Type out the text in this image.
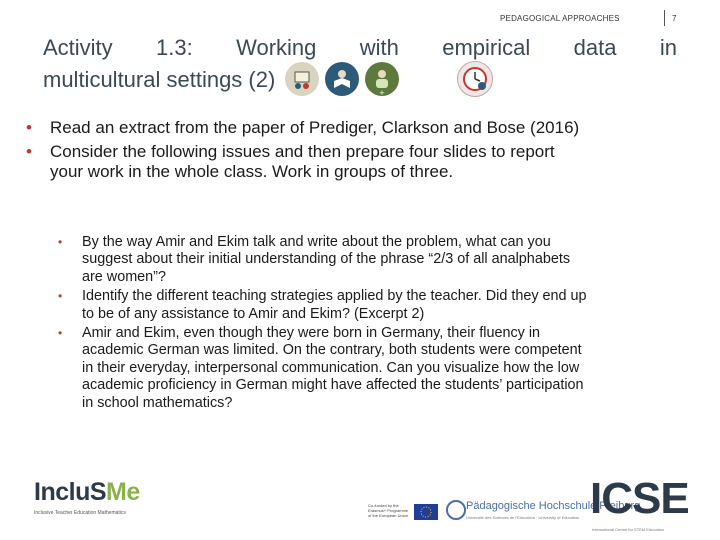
PEDAGOGICAL APPROACHES	7
Activity 1.3: Working with empirical data in
multicultural settings (2)
+
• Read an extract from the paper of Prediger, Clarkson and Bose (2016)
• Consider the following issues and then prepare four slides to report your work in the whole class. Work in groups of three.
• By the way Amir and Ekim talk and write about the problem, what can you suggest about their initial understanding of the phrase “2/3 of all analphabets are women”?
• Identify the different teaching strategies applied by the teacher. Did they end up to be of any assistance to Amir and Ekim? (Excerpt 2)
• Amir and Ekim, even though they were born in Germany, their fluency in academic German was limited. On the contrary, both students were competent in their everyday, interpersonal communication. Can you visualize how the low academic proficiency in German might have affected the students’ participation in school mathematics?
IncluSMe
Inclusive Teacher Education Mathematics
Co-funded by the Erasmus+ Programme of the European Union
Pädagogische Hochschule Freiburg
Université des Sciences de l’Education · University of Education ICSE
International Centre for STEM Education
